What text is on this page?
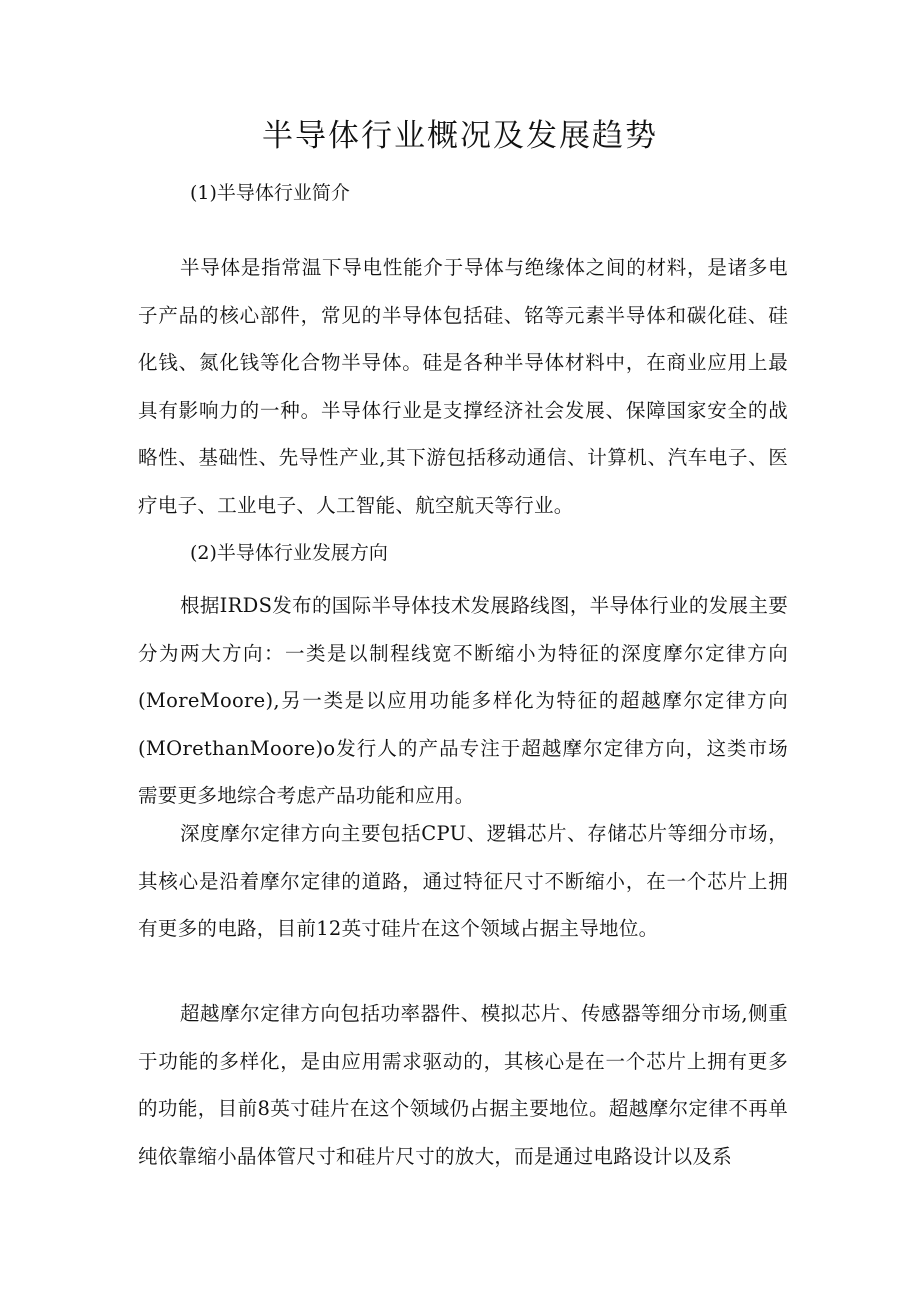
半导体行业概况及发展趋势

(1)半导体行业简介

半导体是指常温下导电性能介于导体与绝缘体之间的材料，是诸多电子产品的核心部件，常见的半导体包括硅、铭等元素半导体和碳化硅、硅化钱、氮化钱等化合物半导体。硅是各种半导体材料中，在商业应用上最具有影响力的一种。半导体行业是支撑经济社会发展、保障国家安全的战略性、基础性、先导性产业,其下游包括移动通信、计算机、汽车电子、医疗电子、工业电子、人工智能、航空航天等行业。

(2)半导体行业发展方向

根据IRDS发布的国际半导体技术发展路线图，半导体行业的发展主要分为两大方向：一类是以制程线宽不断缩小为特征的深度摩尔定律方向(MoreMoore),另一类是以应用功能多样化为特征的超越摩尔定律方向(MOrethanMoore)o发行人的产品专注于超越摩尔定律方向，这类市场需要更多地综合考虑产品功能和应用。

深度摩尔定律方向主要包括CPU、逻辑芯片、存储芯片等细分市场，其核心是沿着摩尔定律的道路，通过特征尺寸不断缩小，在一个芯片上拥有更多的电路，目前12英寸硅片在这个领域占据主导地位。

超越摩尔定律方向包括功率器件、模拟芯片、传感器等细分市场,侧重于功能的多样化，是由应用需求驱动的，其核心是在一个芯片上拥有更多的功能，目前8英寸硅片在这个领域仍占据主要地位。超越摩尔定律不再单纯依靠缩小晶体管尺寸和硅片尺寸的放大，而是通过电路设计以及系
